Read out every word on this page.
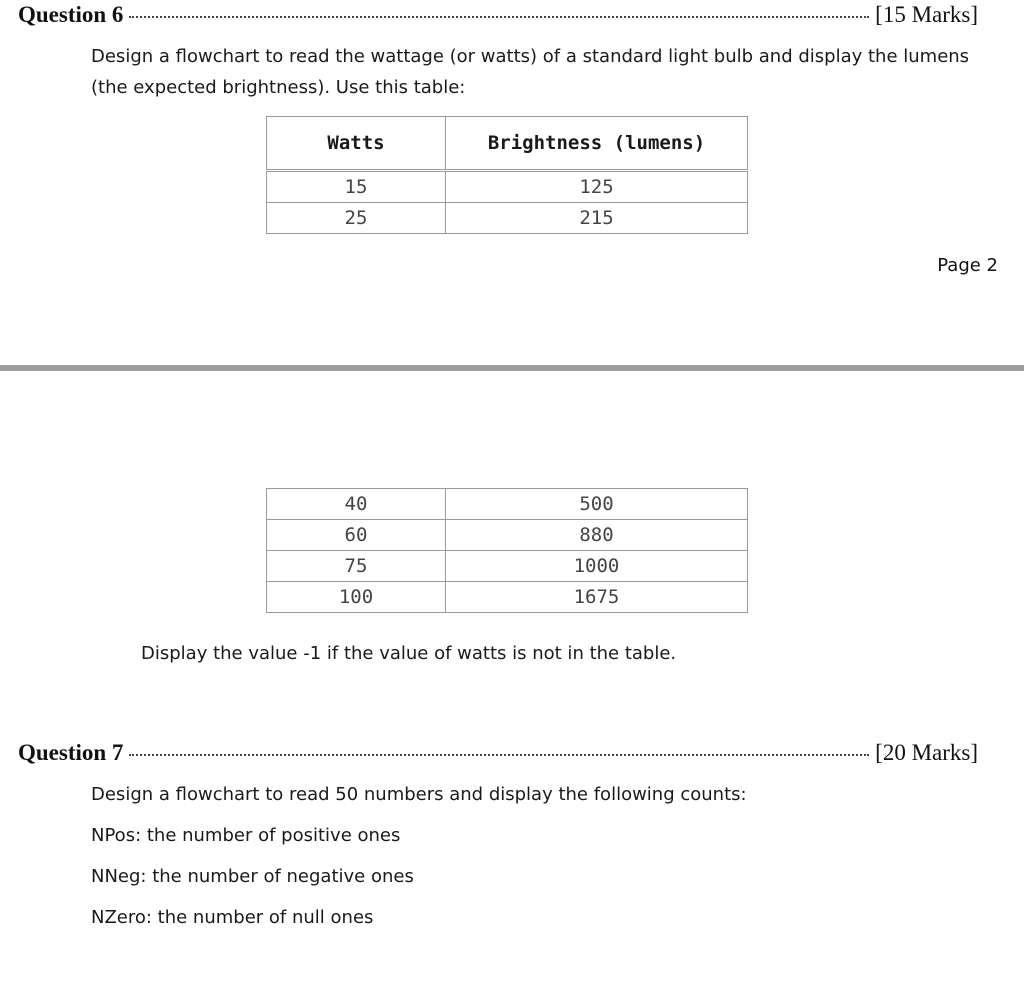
Question 6	[15 Marks]
Design a flowchart to read the wattage (or watts) of a standard light bulb and display the lumens
(the expected brightness). Use this table:
Watts	Brightness (lumens)
15	125
25	215
Page 2
40	500
60	880
75	1000
100	1675
Display the value -1 if the value of watts is not in the table.
Question 7	[20 Marks]
Design a flowchart to read 50 numbers and display the following counts:
NPos: the number of positive ones
NNeg: the number of negative ones
NZero: the number of null ones
